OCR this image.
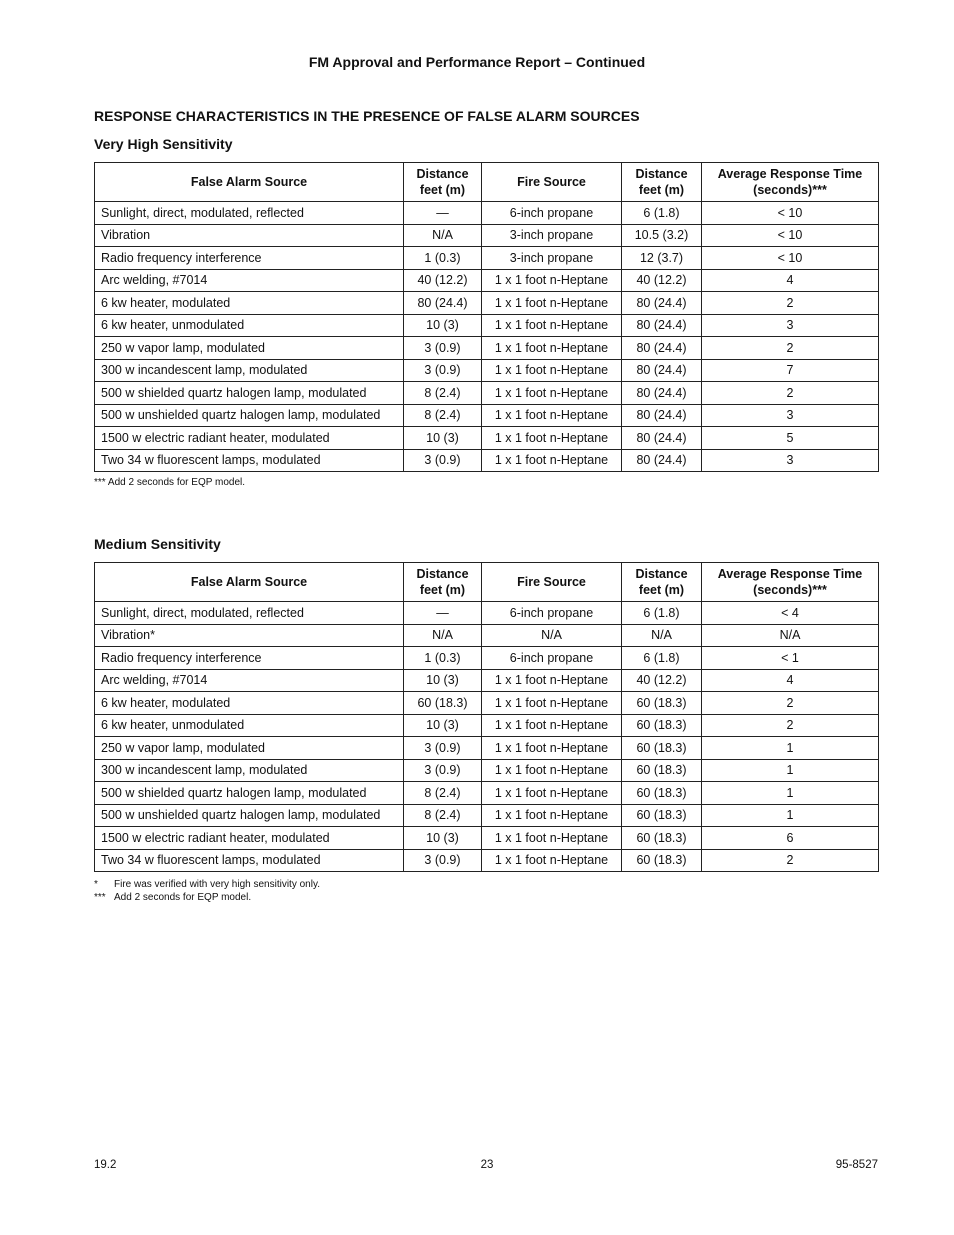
FM Approval and Performance Report – Continued
RESPONSE CHARACTERISTICS IN THE PRESENCE OF FALSE ALARM SOURCES
Very High Sensitivity
False Alarm Source	Distance feet (m)	Fire Source	Distance feet (m)	Average Response Time (seconds)***
Sunlight, direct, modulated, reflected	—	6-inch propane	6 (1.8)	< 10
Vibration	N/A	3-inch propane	10.5 (3.2)	< 10
Radio frequency interference	1 (0.3)	3-inch propane	12 (3.7)	< 10
Arc welding, #7014	40 (12.2)	1 x 1 foot n-Heptane	40 (12.2)	4
6 kw heater, modulated	80 (24.4)	1 x 1 foot n-Heptane	80 (24.4)	2
6 kw heater, unmodulated	10 (3)	1 x 1 foot n-Heptane	80 (24.4)	3
250 w vapor lamp, modulated	3 (0.9)	1 x 1 foot n-Heptane	80 (24.4)	2
300 w incandescent lamp, modulated	3 (0.9)	1 x 1 foot n-Heptane	80 (24.4)	7
500 w shielded quartz halogen lamp, modulated	8 (2.4)	1 x 1 foot n-Heptane	80 (24.4)	2
500 w unshielded quartz halogen lamp, modulated	8 (2.4)	1 x 1 foot n-Heptane	80 (24.4)	3
1500 w electric radiant heater, modulated	10 (3)	1 x 1 foot n-Heptane	80 (24.4)	5
Two 34 w fluorescent lamps, modulated	3 (0.9)	1 x 1 foot n-Heptane	80 (24.4)	3
*** Add 2 seconds for EQP model.
Medium Sensitivity
False Alarm Source	Distance feet (m)	Fire Source	Distance feet (m)	Average Response Time (seconds)***
Sunlight, direct, modulated, reflected	—	6-inch propane	6 (1.8)	< 4
Vibration*	N/A	N/A	N/A	N/A
Radio frequency interference	1 (0.3)	6-inch propane	6 (1.8)	< 1
Arc welding, #7014	10 (3)	1 x 1 foot n-Heptane	40 (12.2)	4
6 kw heater, modulated	60 (18.3)	1 x 1 foot n-Heptane	60 (18.3)	2
6 kw heater, unmodulated	10 (3)	1 x 1 foot n-Heptane	60 (18.3)	2
250 w vapor lamp, modulated	3 (0.9)	1 x 1 foot n-Heptane	60 (18.3)	1
300 w incandescent lamp, modulated	3 (0.9)	1 x 1 foot n-Heptane	60 (18.3)	1
500 w shielded quartz halogen lamp, modulated	8 (2.4)	1 x 1 foot n-Heptane	60 (18.3)	1
500 w unshielded quartz halogen lamp, modulated	8 (2.4)	1 x 1 foot n-Heptane	60 (18.3)	1
1500 w electric radiant heater, modulated	10 (3)	1 x 1 foot n-Heptane	60 (18.3)	6
Two 34 w fluorescent lamps, modulated	3 (0.9)	1 x 1 foot n-Heptane	60 (18.3)	2
* Fire was verified with very high sensitivity only.
*** Add 2 seconds for EQP model.
19.2	23	95-8527
